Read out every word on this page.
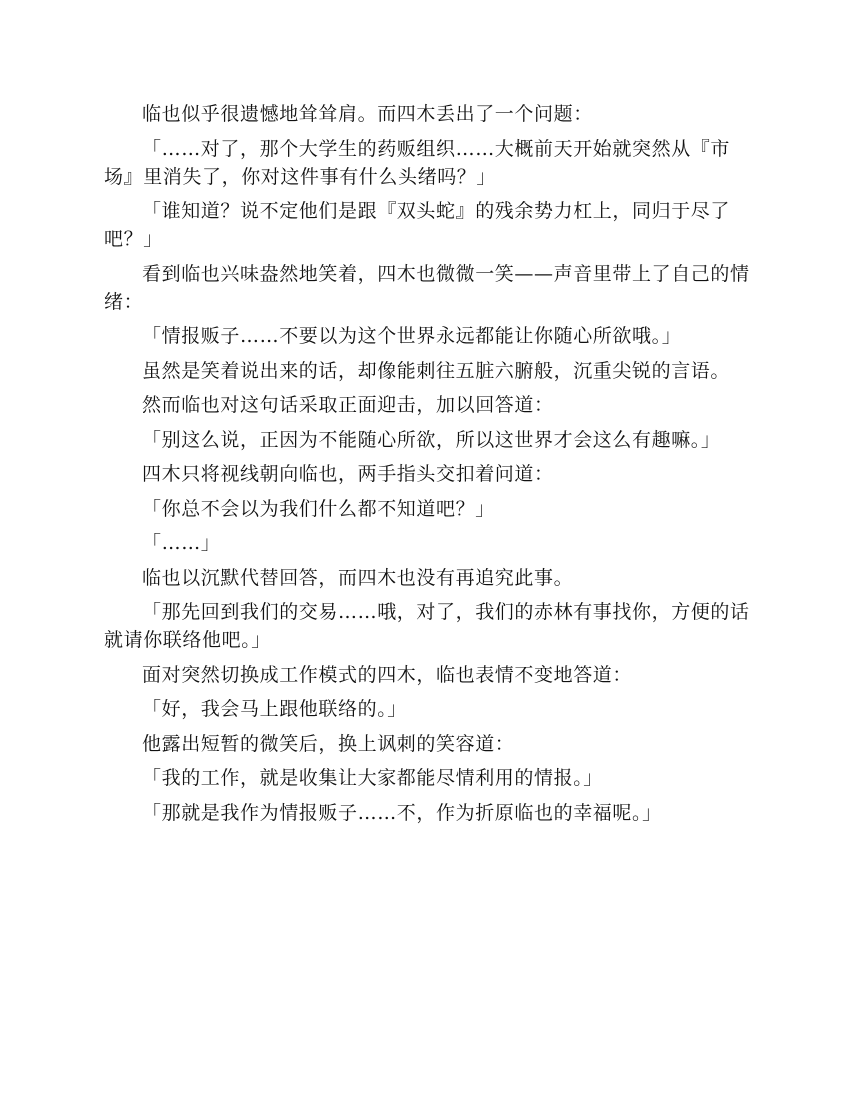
临也似乎很遗憾地耸耸肩。而四木丢出了一个问题：

「……对了，那个大学生的药贩组织……大概前天开始就突然从『市场』里消失了，你对这件事有什么头绪吗？」

「谁知道？说不定他们是跟『双头蛇』的残余势力杠上，同归于尽了吧？」

看到临也兴味盎然地笑着，四木也微微一笑——声音里带上了自己的情绪：

「情报贩子……不要以为这个世界永远都能让你随心所欲哦。」

虽然是笑着说出来的话，却像能刺往五脏六腑般，沉重尖锐的言语。

然而临也对这句话采取正面迎击，加以回答道：

「别这么说，正因为不能随心所欲，所以这世界才会这么有趣嘛。」

四木只将视线朝向临也，两手指头交扣着问道：

「你总不会以为我们什么都不知道吧？」

「……」

临也以沉默代替回答，而四木也没有再追究此事。

「那先回到我们的交易……哦，对了，我们的赤林有事找你，方便的话就请你联络他吧。」

面对突然切换成工作模式的四木，临也表情不变地答道：

「好，我会马上跟他联络的。」

他露出短暂的微笑后，换上讽刺的笑容道：

「我的工作，就是收集让大家都能尽情利用的情报。」

「那就是我作为情报贩子……不，作为折原临也的幸福呢。」
